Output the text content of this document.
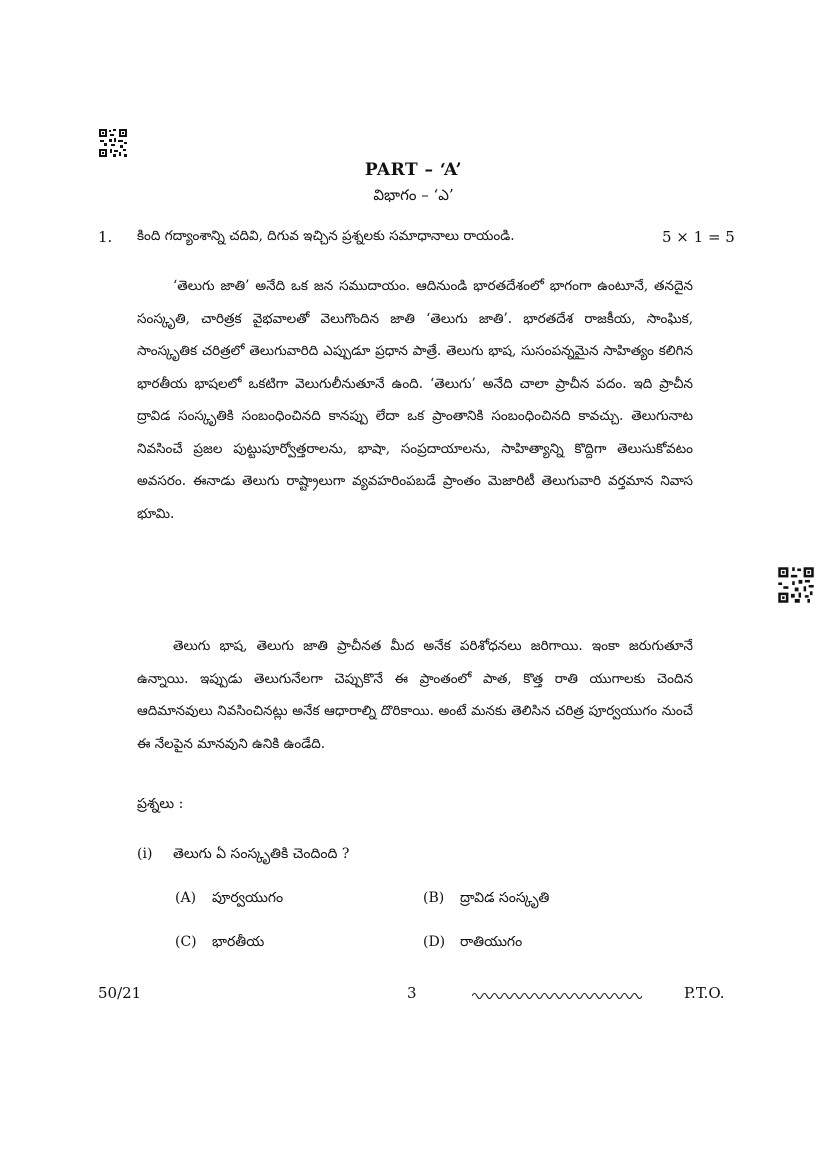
PART – ‘A’
విభాగం – ‘ఎ’
1. కింది గద్యాంశాన్ని చదివి, దిగువ ఇచ్చిన ప్రశ్నలకు సమాధానాలు రాయండి.	5 × 1 = 5

‘తెలుగు జాతి’ అనేది ఒక జన సముదాయం. ఆదినుండి భారతదేశంలో భాగంగా ఉంటూనే, తనదైన సంస్కృతి, చారిత్రక వైభవాలతో వెలుగొందిన జాతి ‘తెలుగు జాతి’. భారతదేశ రాజకీయ, సాంఘిక, సాంస్కృతిక చరిత్రలో తెలుగువారిది ఎప్పుడూ ప్రధాన పాత్రే. తెలుగు భాష, సుసంపన్నమైన సాహిత్యం కలిగిన భారతీయ భాషలలో ఒకటిగా వెలుగులీనుతూనే ఉంది. ‘తెలుగు’ అనేది చాలా ప్రాచీన పదం. ఇది ప్రాచీన ద్రావిడ సంస్కృతికి సంబంధించినది కానప్పు లేదా ఒక ప్రాంతానికి సంబంధించినది కావచ్చు. తెలుగునాట నివసించే ప్రజల పుట్టుపూర్వోత్తరాలను, భాషా, సంప్రదాయాలను, సాహిత్యాన్ని కొద్దిగా తెలుసుకోవటం అవసరం. ఈనాడు తెలుగు రాష్ట్రాలుగా వ్యవహరింపబడే ప్రాంతం మెజారిటీ తెలుగువారి వర్తమాన నివాస భూమి.

తెలుగు భాష, తెలుగు జాతి ప్రాచీనత మీద అనేక పరిశోధనలు జరిగాయి. ఇంకా జరుగుతూనే ఉన్నాయి. ఇప్పుడు తెలుగునేలగా చెప్పుకొనే ఈ ప్రాంతంలో పాత, కొత్త రాతి యుగాలకు చెందిన ఆదిమానవులు నివసించినట్లు అనేక ఆధారాల్ని దొరికాయి. అంటే మనకు తెలిసిన చరిత్ర పూర్వయుగం నుంచే ఈ నేలపైన మానవుని ఉనికి ఉండేది.

ప్రశ్నలు :
(i) తెలుగు ఏ సంస్కృతికి చెందింది ?
(A) పూర్వయుగం	(B) ద్రావిడ సంస్కృతి
(C) భారతీయ	(D) రాతియుగం
50/21	3	P.T.O.
